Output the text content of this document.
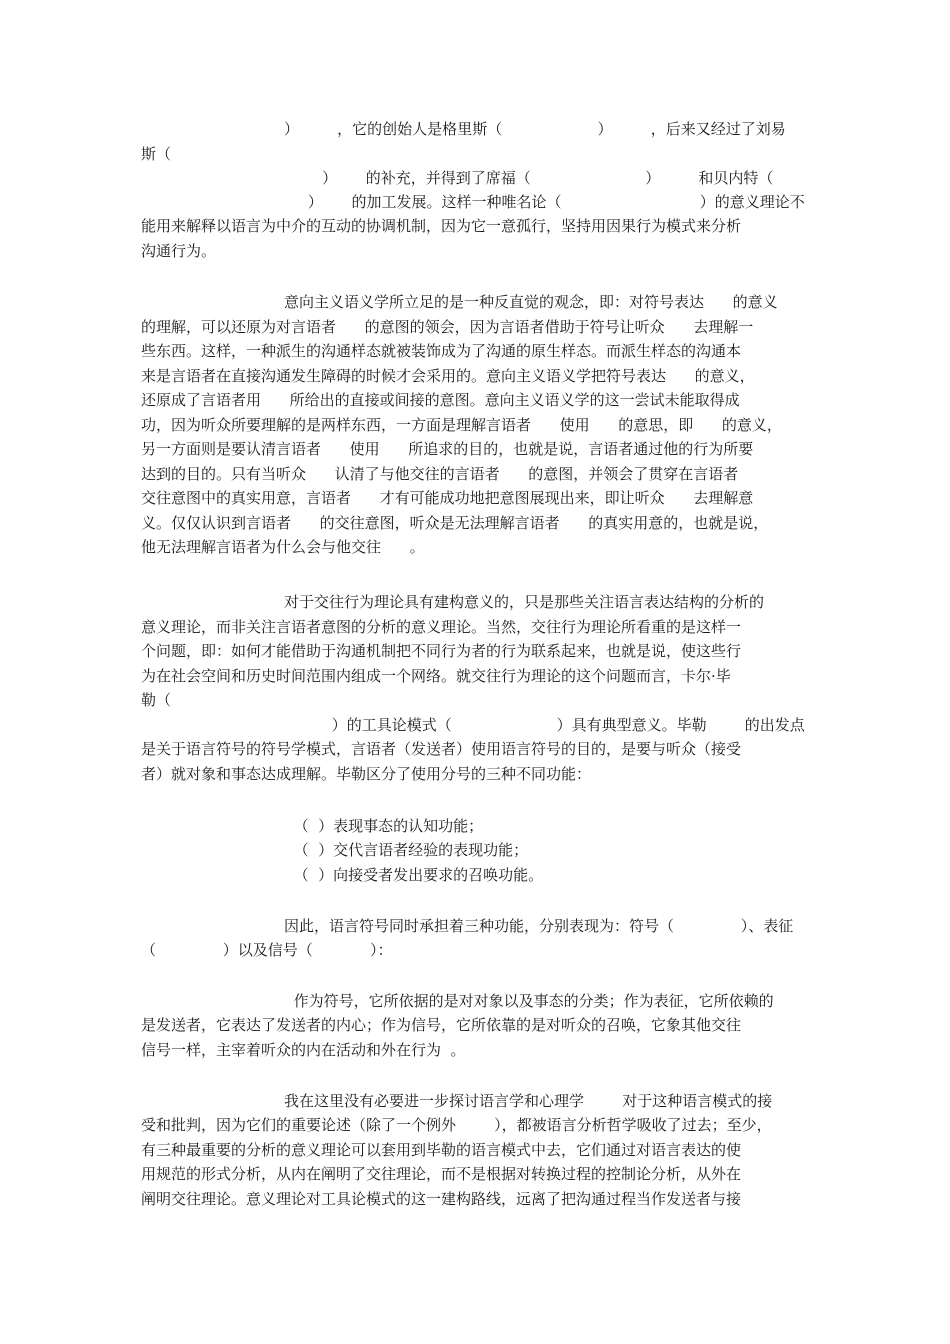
）        ，它的创始人是格里斯（                    ）        ，后来又经过了刘易
斯（
）      的补充，并得到了席福（                        ）        和贝内特（
）      的加工发展。这样一种唯名论（                             ）的意义理论不
能用来解释以语言为中介的互动的协调机制，因为它一意孤行，坚持用因果行为模式来分析
沟通行为。
意向主义语义学所立足的是一种反直觉的观念，即：对符号表达      的意义
的理解，可以还原为对言语者      的意图的领会，因为言语者借助于符号让听众      去理解一
些东西。这样，一种派生的沟通样态就被装饰成为了沟通的原生样态。而派生样态的沟通本
来是言语者在直接沟通发生障碍的时候才会采用的。意向主义语义学把符号表达      的意义，
还原成了言语者用      所给出的直接或间接的意图。意向主义语义学的这一尝试未能取得成
功，因为听众所要理解的是两样东西，一方面是理解言语者      使用      的意思，即      的意义，
另一方面则是要认清言语者      使用      所追求的目的，也就是说，言语者通过他的行为所要
达到的目的。只有当听众      认清了与他交往的言语者      的意图，并领会了贯穿在言语者
交往意图中的真实用意，言语者      才有可能成功地把意图展现出来，即让听众      去理解意
义。仅仅认识到言语者      的交往意图，听众是无法理解言语者      的真实用意的，也就是说，
他无法理解言语者为什么会与他交往      。
对于交往行为理论具有建构意义的，只是那些关注语言表达结构的分析的
意义理论，而非关注言语者意图的分析的意义理论。当然，交往行为理论所看重的是这样一
个问题，即：如何才能借助于沟通机制把不同行为者的行为联系起来，也就是说，使这些行
为在社会空间和历史时间范围内组成一个网络。就交往行为理论的这个问题而言，卡尔·毕
勒（
）的工具论模式（                      ）具有典型意义。毕勒        的出发点
是关于语言符号的符号学模式，言语者（发送者）使用语言符号的目的，是要与听众（接受
者）就对象和事态达成理解。毕勒区分了使用分号的三种不同功能：
（  ）表现事态的认知功能；
（  ）交代言语者经验的表现功能；
（  ）向接受者发出要求的召唤功能。
因此，语言符号同时承担着三种功能，分别表现为：符号（              ）、表征
（              ）以及信号（            ）：
作为符号，它所依据的是对对象以及事态的分类；作为表征，它所依赖的
是发送者，它表达了发送者的内心；作为信号，它所依靠的是对听众的召唤，它象其他交往
信号一样，主宰着听众的内在活动和外在行为  。
我在这里没有必要进一步探讨语言学和心理学        对于这种语言模式的接
受和批判，因为它们的重要论述（除了一个例外        ），都被语言分析哲学吸收了过去；至少，
有三种最重要的分析的意义理论可以套用到毕勒的语言模式中去，它们通过对语言表达的使
用规范的形式分析，从内在阐明了交往理论，而不是根据对转换过程的控制论分析，从外在
阐明交往理论。意义理论对工具论模式的这一建构路线，远离了把沟通过程当作发送者与接
